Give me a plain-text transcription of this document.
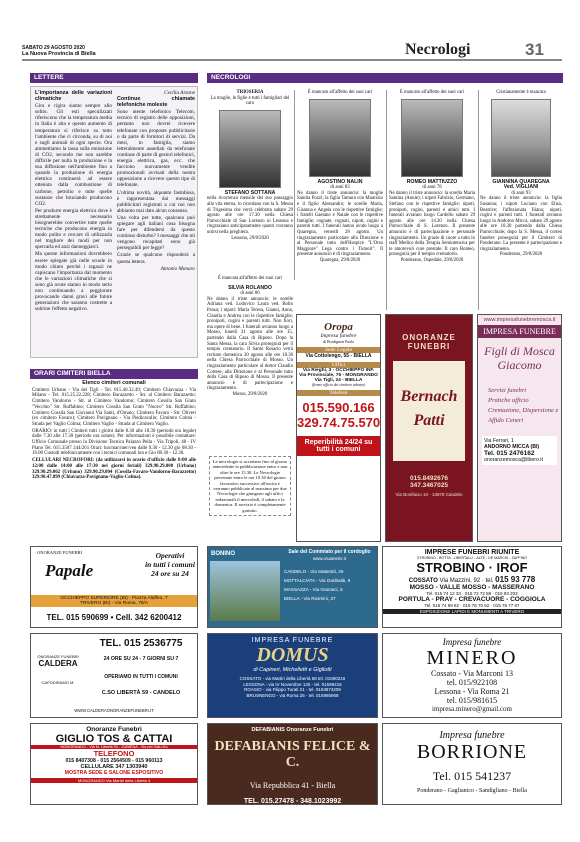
SABATO 29 AGOSTO 2020
La Nuova Provincia di Biella	Necrologi	31
LETTERE
L'importanza delle variazioni climatiche

Gira e rigira siamo sempre allo solito. Gli esti speculizzati riferiscono che la temperatura media in Italia è alta e questo aumento di temperatura si riferisce su tutto l'ambiente che ci circonda, su di noi e sugli animali di ogni specie. Ora ammettiamo la tassa sulla emissione di CO2, secondo me non sarebbe difficile per nulla la produzione e la sua diffusione nell'ambiente fino a quando la produzione di energia elettrica continuerà ad essere ottenuta dalla combustione di carbone, petrolio e tutte quelle sostanze che bruciando producono CO2.

Per produrre energia elettrica dove è strettamente necessario bisognerebbe convertire tutte quelle tecniche che producono energia in modo pulito e cercare di utilizzarla nel migliore dei modi per non spercarla ed anzi danneggiarci.

Ma queste informazioni dovrebbero essere spiegate già nelle scuole in modo chiaro perché i ragazzi ne capiscano l'importanza dal momento che le variazioni climatiche che si sono già avute stanno in modo serio non continuando a peggiorare provocando danni gravi alle future generazioni che saranno costrette a subirne l'effetto negativo.

Cecilia Arzone
Continue chiamate telefoniche moleste

Sono utente telefonico Telecom, tecnico di registro delle opposizioni, pertanto non dovrei ricevere telefonate con proposte pubblicitarie o da parte di fornitori di servizi. Da mesi, in famiglia, siamo letteralmente assediati da telefonate continue di parte di gestori telefonici, energia elettrica, gas, ecc. che facciono nuovamente vendite promozionali avvisati della nostra opposizione a ricevere questo tipo di telefonate.

L'ultima novità, alquanto fastidiosa, è rappresentata dai messaggi pubblicitari registrati a cui noi non abbiamo mai dato alcun consenso.

Una volta per tutte, qualcuno può spiegare agli italiani cosa bisogna fare per difendersi da questo continuo disturbo? I messaggi che mi vengono recapitati sono già perseguibili per legge?

Grazie se qualcuno risponderà a questa lettera.

Antonio Monaro
ORARI CIMITERI BIELLA
Elenco cimiteri comunali

Cimitero Urbano - Via dei Tigli - Tel. 015.40.32.49; Cimitero Chiavazza - Via Milano - Tel. 015.25.22.228; Cimitero Barazzetto - Str. al Cimitero Barazzetto; Cimitero Vandorno - Str. al Cimitero Vandorno; Cimitero Cossila San Grato "Vecchio" Str. Ruffabino; Cimitero Cossila San Grato "Nuovo" Str. Ruffabino; Cimitero Cossila San Giovanni Via Santi, d'Ornaio; Cimitero Favaro - Str. Oliveri (ex cimitero Favaro); Cimitero Pavignano - Via Piedicavallo; Cimitero Colma - Strada per Vaglio Colma; Cimitero Vaglio - Strada al Cimitero Vaglio.

ORARIO: in tutti i Cimiteri tutti i giorni dalle 8.30 alle 18.30 (periodo ora legale) dalle 7.30 alle 17.30 (periodo ora solare). Per informazioni è possibile contattare: Ufficio Comunale presso la Divisione Tecnica Palazzo Pella - Via Tripoli, 48 - IV Piano Tel. 015.3507 244/261 Orari: lun/mar/mer/ven dalle 9.30 - 12.30 gio 08.30 - 16.00 Custodi telefonicamente con i tecnici comunali lun e Gio 08.30 - 12.30.

CELLULARI NECROFORI: (da utilizzarsi in orario d'ufficio dalle 8:00 alle 12:00 dalle 14:00 alle 17:30 nei giorni feriali) 329.90.29.000 (Urbano) 329.90.29.002 (Urbano) 329.90.29.004 (Cossila-Favaro-Vandorno-Barazzetto) 329.90.47.099 (Chiavazza-Pavignano-Vaglio-Colma).

NECROLOGI
TRIOSERIA
La moglie, le figlie e tutti i famigliari del caro
STEFANO SOTTANA
nella ricorrenza mensile del suo passaggio alla vita eterna, lo ricordano con la S. Messa di Trigesima che verrà celebrata sabato 29 agosto alle ore 17.30 nella Chiesa Parrocchiale di San Lorenzo in Lessona e ringraziano anticipatamente quanti vorranno unirsi nella preghiera.
Lessona, 29/8/2020
È mancato all'affetto dei suoi cari
AGOSTINO NALIN
di anni 83
Ne danno il triste annuncio: la moglie Sandra Pozzi; la figlia Tamara con Maurizio e il figlio Alessandro; le sorelle Maria, Gisanna e Angela con le rispettive famiglie; i fratelli Gaetano e Natale con le rispettive famiglie; cognate, cognati, nipoti, cugini e parenti tutti. I funerali hanno avuto luogo a Quaregna, venerdì 28 agosto. Un ringraziamento particolare alla Direzione e al Personale tutto dell'Hospice "L'Orso Maggiore" Lega contro i Tumori". Il presente annuncio è di ringraziamento.
Quaregna, 29/8/2020
È mancato all'affetto dei suoi cari
ROMEO MATTIUZZO
di anni 78
Ne danno il triste annuncio: la sorella Maria Santina (Annie); i nipoti Fabrizio, Germano, Stefano con le rispettive famiglie; nipoti, pronipoti, cugini, parenti e amici tutti. I funerali avranno luogo Cardello sabato 29 agosto alle ore 14.30 nella Chiesa Parrocchiale di S. Lorenzo. Il presente annuncio è di partecipazione e personale ringraziamento. Un grazie di cuore a tutto lo staff Medico della Terapia Semintensiva per le amorevoli cure prestate. Il caro Romeo, proseguirà per il tempio crematorio.
Ponderano, Ospedale, 29/8/2020
Cristianamente è mancata
GIANNINA QUAREGNA
Ved. VIGLIANI
di anni 93
Ne danno il triste annuncio: la figlia Susanna; i nipoti Luciano con Elisa, Beatrice; l'affezionata Iliana; nipoti, cugini e parenti tutti. I funerali avranno luogo in Andorno Micca, sabato 29 agosto alle ore 10.30 partendo dalla Chiesa Parrocchiale; dopo la S. Messa, il corteo funebre proseguirà per il Cimitero di Ponderano. La presente è partecipazione e ringraziamento.
Ponderano, 29/8/2020
È mancata all'affetto dei suoi cari
SILVIA ROLANDO
di anni 86
Ne danno il triste annuncio: le sorelle Adriana ved. Lodovico Laura ved. Bollo Possa; i nipoti: Maria Teresa, Gianni, Anna, Claudia e Andrea con le rispettive famiglie; pronipoti, cugini e parenti tutti. Non fiori, ma opere di bene. I funerali avranno luogo a Mosso, lunedì 31 agosto alle ore 15, partendo dalla Casa di Riposo. Dopo la Santa Messa, la cara Silvia proseguirà per il tempio crematorio. Il Santo Rosario verrà recitato domenica 30 agosto alle ore 18.30 nella Chiesa Parrocchiale di Mosso. Un ringraziamento particolare al dottor Claudio Cortese, alla Direzione e al Personale tutto della Casa di Riposo di Mosso. Il presente annuncio è di partecipazione e ringraziamento.
Mosso, 29/8/2020
Le necrologie si accettano fino al giorno antecedente la pubblicazione entro e non oltre le ore 15.30. Le Necrologie pervenute entro le ore 10.30 del giorno lavorativo successivo all'uscita e verranno pubblicate al massimo per due Necrologie che giungono agli uffici redazionali il mercoledì, il sabato e la domenica. Il servizio è completamente gratuito.
Oropa
Impresa funebre
di Bordignon Paolo
Sede Legale
Via Cottolengo, 55 - BIELLA
Uffici
Via Rieghi, 3 - OCCHIEPPO INF.
Via Provinciale, 76 - MONGRANDO
Via Tigli, 24 - BIELLA
(fronte ufficio dei cimitero urbano)
Telefoni
015.590.166
329.74.75.570
Reperibilità 24/24 su tutti i comuni
ONORANZE FUNEBRI
Bernach Patti
015.8492676
347.3467025
Via Bonifacio 10 - 13878 Candelo
www.impresafunebremosca.it
IMPRESA FUNEBRE
Figli di Mosca Giacomo
Servizi funebri
Pratiche ufficio
Cremazione, Dispersione e Affido Ceneri
Via Ferrari, 1
ANDORNO MICCA (BI)
Tel. 015 2476162
onoranzemosca@libero.it
ONORANZE FUNEBRI
Papale
Operativi
in tutti i comuni
24 ore su 24
OCCHIEPPO SUPERIORE (BI) - Piazza Alaffeo, 7
TRIVERO (BI) - Via Roma, 78/A
TEL. 015 590699 • Cell. 342 6200412
BONINO	Sale del Commiato per il cordoglio
www.oruamerie.it
CANDELO - Via Matteotti, 26
MOTTALCIATA - Via Garibaldi, 9
MASSAZZA - Via Gramsci, 5
BIELLA - Via Rosmini, 37
IMPRESE FUNEBRI RIUNITE
STROBINO - BOTTA - LIBERTALLI - ALTE - DE MARCHI - ZAFFINO
STROBINO · IROF
COSSATO Via Mazzini, 92 · tel. 015 93 778
MOSSO - VALLE MOSSO - MASSERANO
Tel. 015 74 12 33 · 015 72 72 88 · 015 93 203
PORTULA - PRAY - CREVACUORE - COGGIOLA
Tel. 015 74 99 82 · 015 76 70 62 · 015 76 77 87
ESPOSIZIONE LAPIDI E MONUMENTI A TRIVERO
ONORANZE FUNEBRI
CALDERA
CAPODIRAMO M.
TEL. 015 2536775
24 ORE SU 24 - 7 GIORNI SU 7
OPERIAMO IN TUTTI I COMUNI
C.SO LIBERTÀ 59 - CANDELO
WWW.CALDERAONORANZEFUNEBRI.IT
IMPRESA FUNEBRE
DOMUS
di Capineri, Michelletti e Gigliotti
COSSATO - via Martiri della Libertà 58 tel. 01590216
LESSONA - via IV Novembre 125 - tel. 01599216
ROASIO - via Filippo Turati 21 - tel. 0163874209
BRUSNENGO - via Roma 25 - tel. 015985958
Impresa funebre
MINERO
Cossato - Via Marconi 13
tel. 015/922108
Lessona - Via Roma 21
tel. 015/981615
impresa.minero@gmail.com
Onoranze Funebri
GIGLIO TOS & CATTAI
MONGRANDO - Via M. Libertà 93 - ZUBIENA - Via per Salu 8/c
TELEFONO
015 8407308 - 015 2564509 - 015 960113
CELLULARE 347 1303940
MOSTRA SEDE E SALONE ESPOSITIVO
MONGRANDO Via Martiri della Libertà 4
DEFABIANIS Onoranze Funebri
DEFABIANIS FELICE & C.
Via Repubblica 41 - Biella
TEL. 015.27478 - 348.1023992
onoranzefunebridefabianis@gmail.com
Impresa funebre
BORRIONE
Tel. 015 541237
Ponderano - Gaglianico - Sandigliano - Biella
